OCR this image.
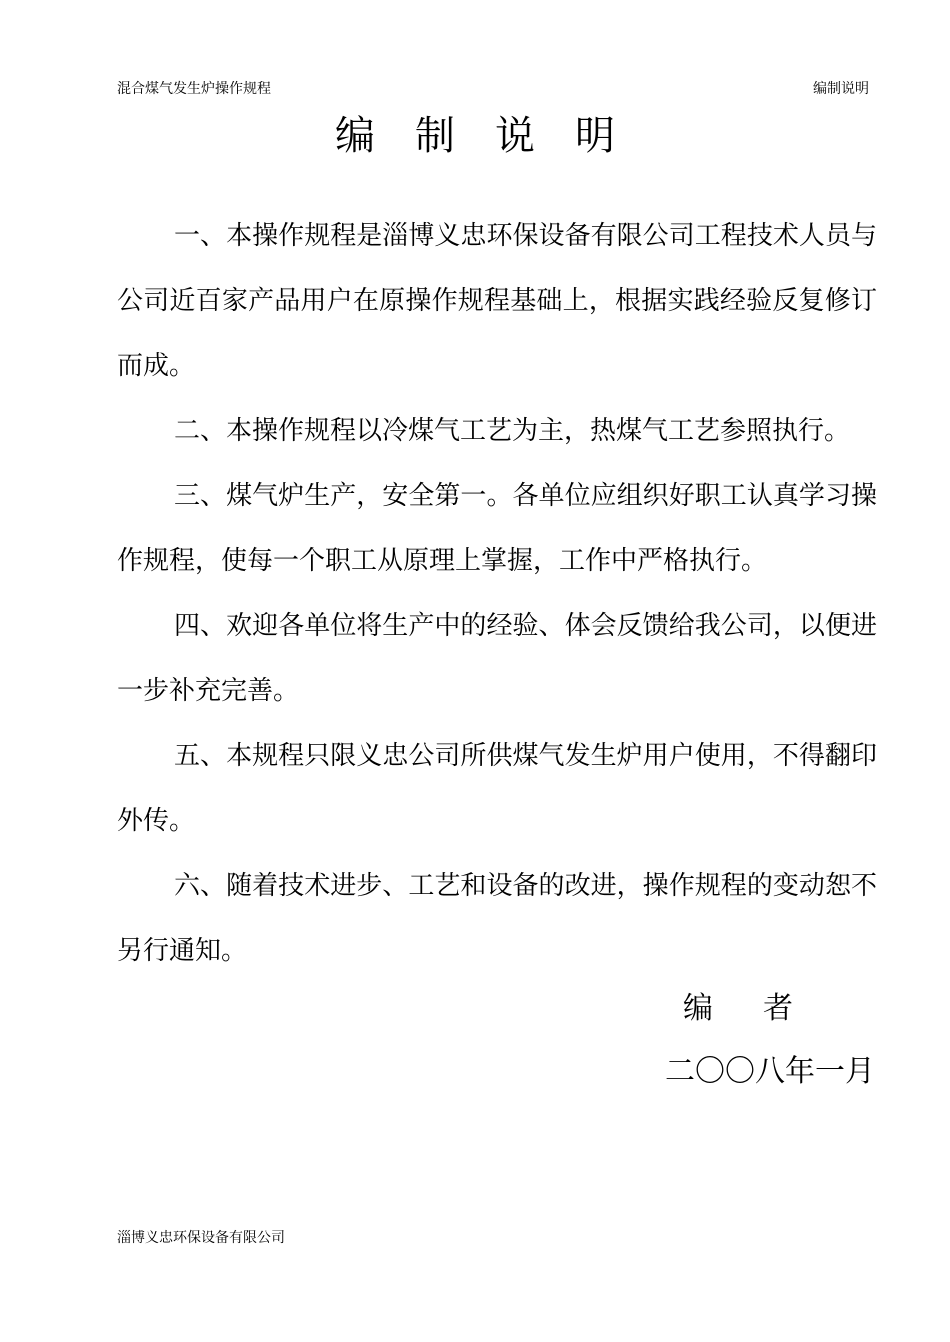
混合煤气发生炉操作规程	编制说明
编制说明

一、本操作规程是淄博义忠环保设备有限公司工程技术人员与公司近百家产品用户在原操作规程基础上，根据实践经验反复修订而成。

二、本操作规程以冷煤气工艺为主，热煤气工艺参照执行。

三、煤气炉生产，安全第一。各单位应组织好职工认真学习操作规程，使每一个职工从原理上掌握，工作中严格执行。

四、欢迎各单位将生产中的经验、体会反馈给我公司，以便进一步补充完善。

五、本规程只限义忠公司所供煤气发生炉用户使用，不得翻印外传。

六、随着技术进步、工艺和设备的改进，操作规程的变动恕不另行通知。

编者
二〇〇八年一月
淄博义忠环保设备有限公司
